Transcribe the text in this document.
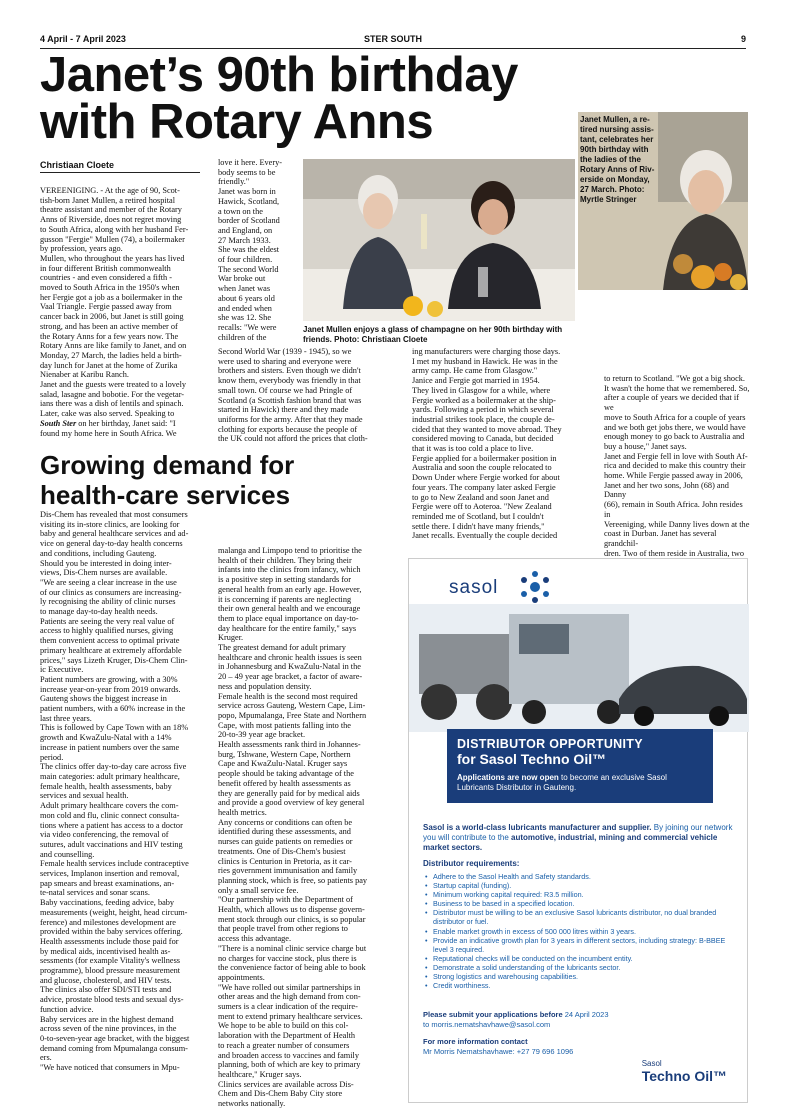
4 April - 7 April 2023	STER SOUTH	9
Janet’s 90th birthday with Rotary Anns
Christiaan Cloete
VEREENIGING. - At the age of 90, Scot-
tish-born Janet Mullen, a retired hospital
theatre assistant and member of the Rotary
Anns of Riverside, does not regret moving
to South Africa, along with her husband Fer-
gusson "Fergie" Mullen (74), a boilermaker
by profession, years ago.
Mullen, who throughout the years has lived
in four different British commonwealth
countries - and even considered a fifth -
moved to South Africa in the 1950's when
her Fergie got a job as a boilermaker in the
Vaal Triangle. Fergie passed away from
cancer back in 2006, but Janet is still going
strong, and has been an active member of
the Rotary Anns for a few years now. The
Rotary Anns are like family to Janet, and on
Monday, 27 March, the ladies held a birth-
day lunch for Janet at the home of Zurika
Nienaber at Karibu Ranch.
Janet and the guests were treated to a lovely
salad, lasagne and bobotie. For the vegetar-
ians there was a dish of lentils and spinach.
Later, cake was also served. Speaking to
South Ster on her birthday, Janet said: "I
found my home here in South Africa. We
love it here. Every-
body seems to be
friendly."
Janet was born in
Hawick, Scotland,
a town on the
border of Scotland
and England, on
27 March 1933.
She was the eldest
of four children.
The second World
War broke out
when Janet was
about 6 years old
and ended when
she was 12. She
recalls: "We were
children of the
Janet Mullen enjoys a glass of champagne on her 90th birthday with friends. Photo: Christiaan Cloete
Janet Mullen, a re-
tired nursing assis-
tant, celebrates her
90th birthday with
the ladies of the
Rotary Anns of Riv-
erside on Monday,
27 March. Photo:
Myrtle Stringer
Second World War (1939 - 1945), so we
were used to sharing and everyone were
brothers and sisters. Even though we didn't
know them, everybody was friendly in that
small town. Of course we had Pringle of
Scotland (a Scottish fashion brand that was
started in Hawick) there and they made
uniforms for the army. After that they made
clothing for exports because the people of
the UK could not afford the prices that cloth-
ing manufacturers were charging those days.
I met my husband in Hawick. He was in the
army camp. He came from Glasgow."
Janice and Fergie got married in 1954.
They lived in Glasgow for a while, where
Fergie worked as a boilermaker at the ship-
yards. Following a period in which several
industrial strikes took place, the couple de-
cided that they wanted to move abroad. They
considered moving to Canada, but decided
that it was is too cold a place to live.
Fergie applied for a boilermaker position in
Australia and soon the couple relocated to
Down Under where Fergie worked for about
four years. The company later asked Fergie
to go to New Zealand and soon Janet and
Fergie were off to Aoteroa. "New Zealand
reminded me of Scotland, but I couldn't
settle there. I didn't have many friends,"
Janet recalls. Eventually the couple decided
to return to Scotland. "We got a big shock.
It wasn't the home that we remembered. So,
after a couple of years we decided that if we
move to South Africa for a couple of years
and we both get jobs there, we would have
enough money to go back to Australia and
buy a house," Janet says.
Janet and Fergie fell in love with South Af-
rica and decided to make this country their
home. While Fergie passed away in 2006,
Janet and her two sons, John (68) and Danny
(66), remain in South Africa. John resides in
Vereeniging, while Danny lives down at the
coast in Durban. Janet has several grandchil-
dren. Two of them reside in Australia, two

Growing demand for health-care services
Dis-Chem has revealed that most consumers
visiting its in-store clinics, are looking for
baby and general healthcare services and ad-
vice on general day-to-day health concerns
and conditions, including Gauteng.
Should you be interested in doing inter-
views, Dis-Chem nurses are available.
"We are seeing a clear increase in the use
of our clinics as consumers are increasing-
ly recognising the ability of clinic nurses
to manage day-to-day health needs.
Patients are seeing the very real value of
access to highly qualified nurses, giving
them convenient access to optimal private
primary healthcare at extremely affordable
prices," says Lizeth Kruger, Dis-Chem Clin-
ic Executive.
Patient numbers are growing, with a 30%
increase year-on-year from 2019 onwards.
Gauteng shows the biggest increase in
patient numbers, with a 60% increase in the
last three years.
This is followed by Cape Town with an 18%
growth and KwaZulu-Natal with a 14%
increase in patient numbers over the same
period.
The clinics offer day-to-day care across five
main categories: adult primary healthcare,
female health, health assessments, baby
services and sexual health.
Adult primary healthcare covers the com-
mon cold and flu, clinic connect consulta-
tions where a patient has access to a doctor
via video conferencing, the removal of
sutures, adult vaccinations and HIV testing
and counselling.
Female health services include contraceptive
services, Implanon insertion and removal,
pap smears and breast examinations, an-
te-natal services and sonar scans.
Baby vaccinations, feeding advice, baby
measurements (weight, height, head circum-
ference) and milestones development are
provided within the baby services offering.
Health assessments include those paid for
by medical aids, incentivised health as-
sessments (for example Vitality's wellness
programme), blood pressure measurement
and glucose, cholesterol, and HIV tests.
The clinics also offer SDI/STI tests and
advice, prostate blood tests and sexual dys-
function advice.
Baby services are in the highest demand
across seven of the nine provinces, in the
0-to-seven-year age bracket, with the biggest
demand coming from Mpumalanga consum-
ers.
"We have noticed that consumers in Mpu-
malanga and Limpopo tend to prioritise the
health of their children. They bring their
infants into the clinics from infancy, which
is a positive step in setting standards for
general health from an early age. However,
it is concerning if parents are neglecting
their own general health and we encourage
them to place equal importance on day-to-
day healthcare for the entire family," says
Kruger.
The greatest demand for adult primary
healthcare and chronic health issues is seen
in Johannesburg and KwaZulu-Natal in the
20 – 49 year age bracket, a factor of aware-
ness and population density.
Female health is the second most required
service across Gauteng, Western Cape, Lim-
popo, Mpumalanga, Free State and Northern
Cape, with most patients falling into the
20-to-39 year age bracket.
Health assessments rank third in Johannes-
burg, Tshwane, Western Cape, Northern
Cape and KwaZulu-Natal. Kruger says
people should be taking advantage of the
benefit offered by health assessments as
they are generally paid for by medical aids
and provide a good overview of key general
health metrics.
Any concerns or conditions can often be
identified during these assessments, and
nurses can guide patients on remedies or
treatments. One of Dis-Chem's busiest
clinics is Centurion in Pretoria, as it car-
ries government immunisation and family
planning stock, which is free, so patients pay
only a small service fee.
"Our partnership with the Department of
Health, which allows us to dispense govern-
ment stock through our clinics, is so popular
that people travel from other regions to
access this advantage.
"There is a nominal clinic service charge but
no charges for vaccine stock, plus there is
the convenience factor of being able to book
appointments.
"We have rolled out similar partnerships in
other areas and the high demand from con-
sumers is a clear indication of the require-
ment to extend primary healthcare services.
We hope to be able to build on this col-
laboration with the Department of Health
to reach a greater number of consumers
and broaden access to vaccines and family
planning, both of which are key to primary
healthcare," Kruger says.
Clinics services are available across Dis-
Chem and Dis-Chem Baby City store
networks nationally.
sasol
DISTRIBUTOR OPPORTUNITY
for Sasol Techno Oil™
Applications are now open to become an exclusive Sasol Lubricants Distributor in Gauteng.
Sasol is a world-class lubricants manufacturer and supplier. By joining our network you will contribute to the automotive, industrial, mining and commercial vehicle market sectors.
Distributor requirements:
• Adhere to the Sasol Health and Safety standards.
• Startup capital (funding).
• Minimum working capital required: R3.5 million.
• Business to be based in a specified location.
• Distributor must be willing to be an exclusive Sasol lubricants distributor, no dual branded distributor or fuel.
• Enable market growth in excess of 500 000 litres within 3 years.
• Provide an indicative growth plan for 3 years in different sectors, including strategy: B-BBEE level 3 required.
• Reputational checks will be conducted on the incumbent entity.
• Demonstrate a solid understanding of the lubricants sector.
• Strong logistics and warehousing capabilities.
• Credit worthiness.
Please submit your applications before 24 April 2023
to morris.nematshavhawe@sasol.com
For more information contact
Mr Morris Nematshavhawe: +27 79 696 1096
Sasol
Techno Oil™
